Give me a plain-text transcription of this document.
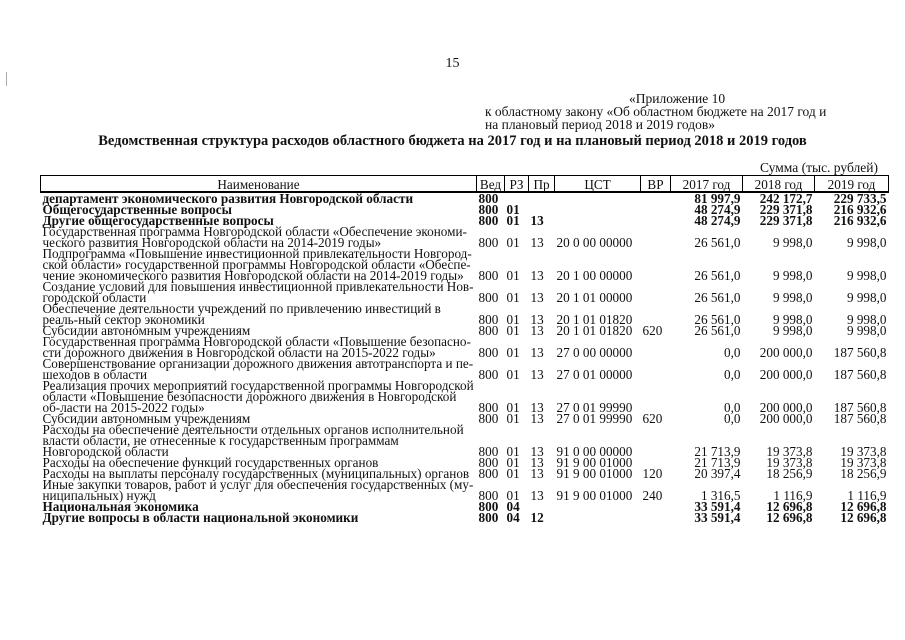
15
«Приложение 10
к областному закону «Об областном бюджете на 2017 год и
на плановый период 2018 и 2019 годов»
Ведомственная структура расходов областного бюджета на 2017 год и на плановый период 2018 и 2019 годов
Сумма (тыс. рублей)
Наименование	Вед	РЗ	Пр	ЦСТ	ВР	2017 год	2018 год	2019 год
департамент экономического развития Новгородской области	800					81 997,9	242 172,7	229 733,5
Общегосударственные вопросы	800	01				48 274,9	229 371,8	216 932,6
Другие общегосударственные вопросы	800	01	13			48 274,9	229 371,8	216 932,6
Государственная программа Новгородской области «Обеспечение экономи-ческого развития Новгородской области на 2014-2019 годы»	800	01	13	20 0 00 00000		26 561,0	9 998,0	9 998,0
Подпрограмма «Повышение инвестиционной привлекательности Новгород-ской области» государственной программы Новгородской области «Обеспе-чение экономического развития Новгородской области на 2014-2019 годы»	800	01	13	20 1 00 00000		26 561,0	9 998,0	9 998,0
Создание условий для повышения инвестиционной привлекательности Нов-городской области	800	01	13	20 1 01 00000		26 561,0	9 998,0	9 998,0
Обеспечение деятельности учреждений по привлечению инвестиций в реаль-ный сектор экономики	800	01	13	20 1 01 01820		26 561,0	9 998,0	9 998,0
Субсидии автономным учреждениям	800	01	13	20 1 01 01820	620	26 561,0	9 998,0	9 998,0
Государственная программа Новгородской области «Повышение безопасно-сти дорожного движения в Новгородской области на 2015-2022 годы»	800	01	13	27 0 00 00000		0,0	200 000,0	187 560,8
Совершенствование организации дорожного движения автотранспорта и пе-шеходов в области	800	01	13	27 0 01 00000		0,0	200 000,0	187 560,8
Реализация прочих мероприятий государственной программы Новгородской области «Повышение безопасности дорожного движения в Новгородской об-ласти на 2015-2022 годы»	800	01	13	27 0 01 99990		0,0	200 000,0	187 560,8
Субсидии автономным учреждениям	800	01	13	27 0 01 99990	620	0,0	200 000,0	187 560,8
Расходы на обеспечение деятельности отдельных органов исполнительной власти области, не отнесенные к государственным программам Новгородской области	800	01	13	91 0 00 00000		21 713,9	19 373,8	19 373,8
Расходы на обеспечение функций государственных органов	800	01	13	91 9 00 01000		21 713,9	19 373,8	19 373,8
Расходы на выплаты персоналу государственных (муниципальных) органов	800	01	13	91 9 00 01000	120	20 397,4	18 256,9	18 256,9
Иные закупки товаров, работ и услуг для обеспечения государственных (му-ниципальных) нужд	800	01	13	91 9 00 01000	240	1 316,5	1 116,9	1 116,9
Национальная экономика	800	04				33 591,4	12 696,8	12 696,8
Другие вопросы в области национальной экономики	800	04	12			33 591,4	12 696,8	12 696,8
